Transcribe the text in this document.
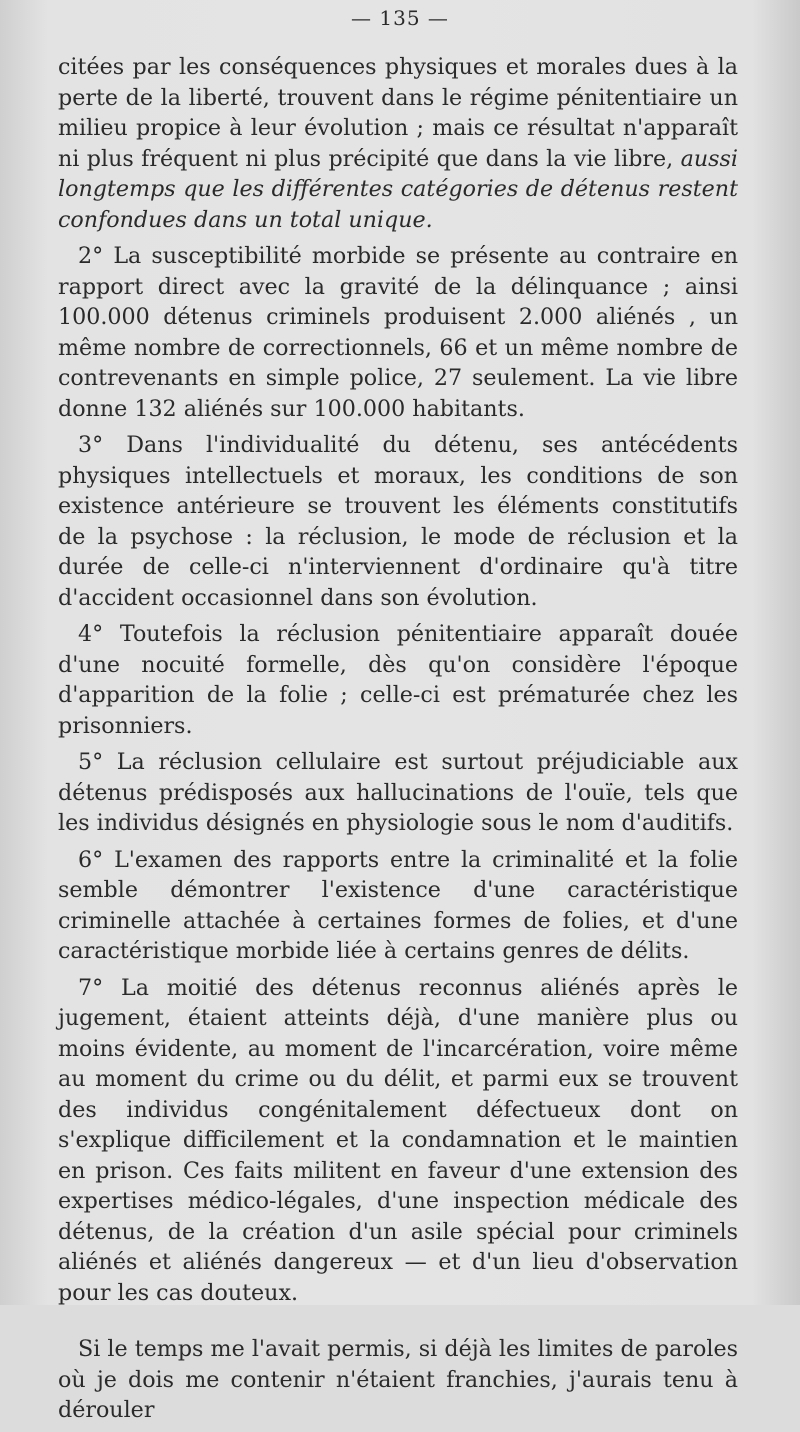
— 135 —

citées par les conséquences physiques et morales dues à la perte de la liberté, trouvent dans le régime pénitentiaire un milieu propice à leur évolution ; mais ce résultat n'apparaît ni plus fréquent ni plus précipité que dans la vie libre, aussi longtemps que les différentes catégories de détenus restent confondues dans un total unique.

2° La susceptibilité morbide se présente au contraire en rapport direct avec la gravité de la délinquance ; ainsi 100.000 détenus criminels produisent 2.000 aliénés , un même nombre de correctionnels, 66 et un même nombre de contrevenants en simple police, 27 seulement. La vie libre donne 132 aliénés sur 100.000 habitants.

3° Dans l'individualité du détenu, ses antécédents physiques intellectuels et moraux, les conditions de son existence antérieure se trouvent les éléments constitutifs de la psychose : la réclusion, le mode de réclusion et la durée de celle-ci n'interviennent d'ordinaire qu'à titre d'accident occasionnel dans son évolution.

4° Toutefois la réclusion pénitentiaire apparaît douée d'une nocuité formelle, dès qu'on considère l'époque d'apparition de la folie ; celle-ci est prématurée chez les prisonniers.

5° La réclusion cellulaire est surtout préjudiciable aux détenus prédisposés aux hallucinations de l'ouïe, tels que les individus désignés en physiologie sous le nom d'auditifs.

6° L'examen des rapports entre la criminalité et la folie semble démontrer l'existence d'une caractéristique criminelle attachée à certaines formes de folies, et d'une caractéristique morbide liée à certains genres de délits.

7° La moitié des détenus reconnus aliénés après le jugement, étaient atteints déjà, d'une manière plus ou moins évidente, au moment de l'incarcération, voire même au moment du crime ou du délit, et parmi eux se trouvent des individus congénitalement défectueux dont on s'explique difficilement et la condamnation et le maintien en prison. Ces faits militent en faveur d'une extension des expertises médico-légales, d'une inspection médicale des détenus, de la création d'un asile spécial pour criminels aliénés et aliénés dangereux — et d'un lieu d'observation pour les cas douteux.

Si le temps me l'avait permis, si déjà les limites de paroles où je dois me contenir n'étaient franchies, j'aurais tenu à dérouler
